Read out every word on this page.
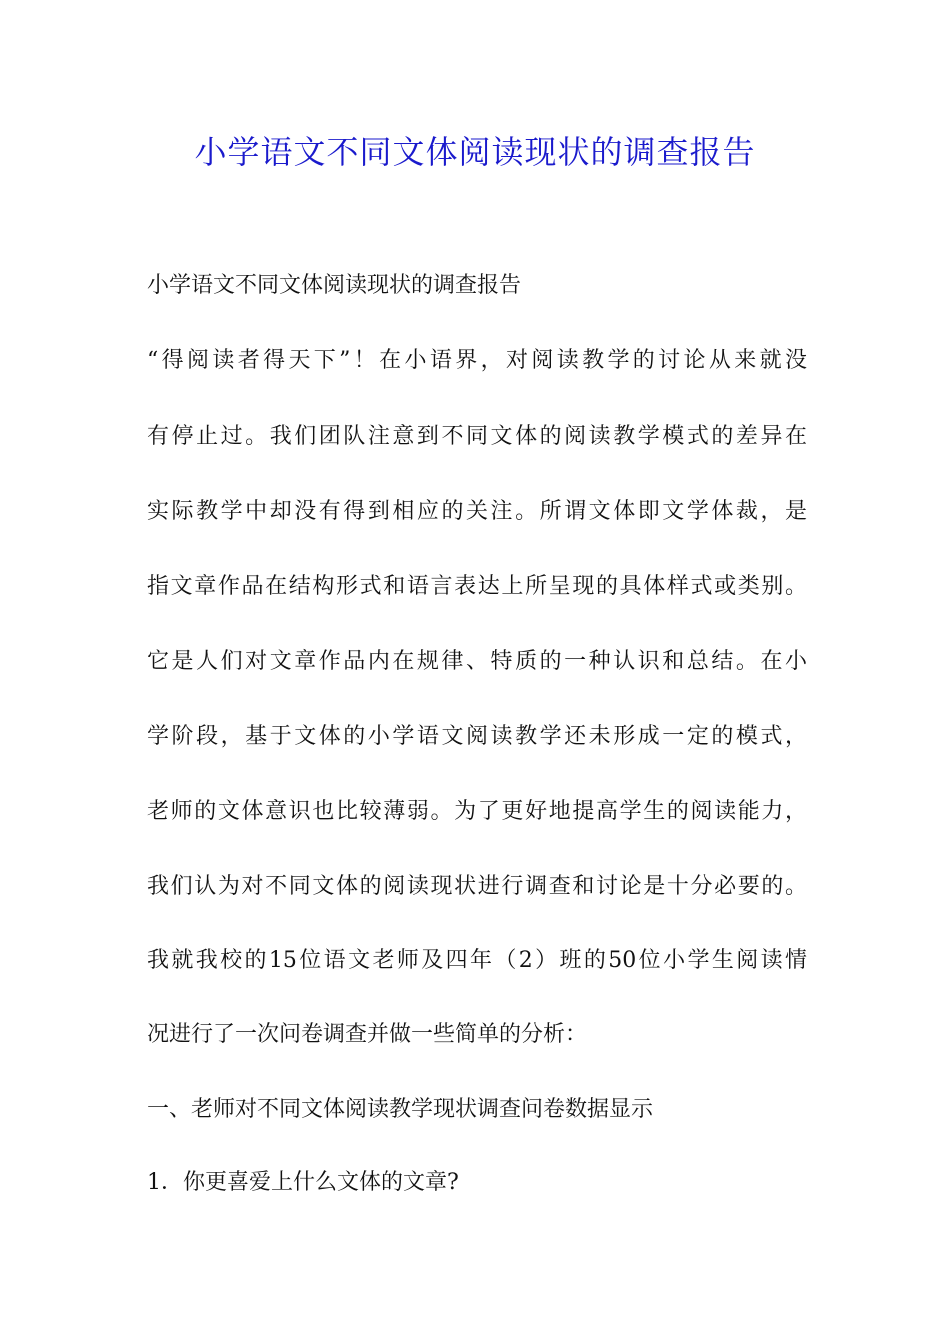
小学语文不同文体阅读现状的调查报告
小学语文不同文体阅读现状的调查报告
“得阅读者得天下”！在小语界，对阅读教学的讨论从来就没
有停止过。我们团队注意到不同文体的阅读教学模式的差异在
实际教学中却没有得到相应的关注。所谓文体即文学体裁，是
指文章作品在结构形式和语言表达上所呈现的具体样式或类别。
它是人们对文章作品内在规律、特质的一种认识和总结。在小
学阶段，基于文体的小学语文阅读教学还未形成一定的模式，
老师的文体意识也比较薄弱。为了更好地提高学生的阅读能力，
我们认为对不同文体的阅读现状进行调查和讨论是十分必要的。
我就我校的15位语文老师及四年（2）班的50位小学生阅读情
况进行了一次问卷调查并做一些简单的分析：
一、老师对不同文体阅读教学现状调查问卷数据显示
1．你更喜爱上什么文体的文章?
